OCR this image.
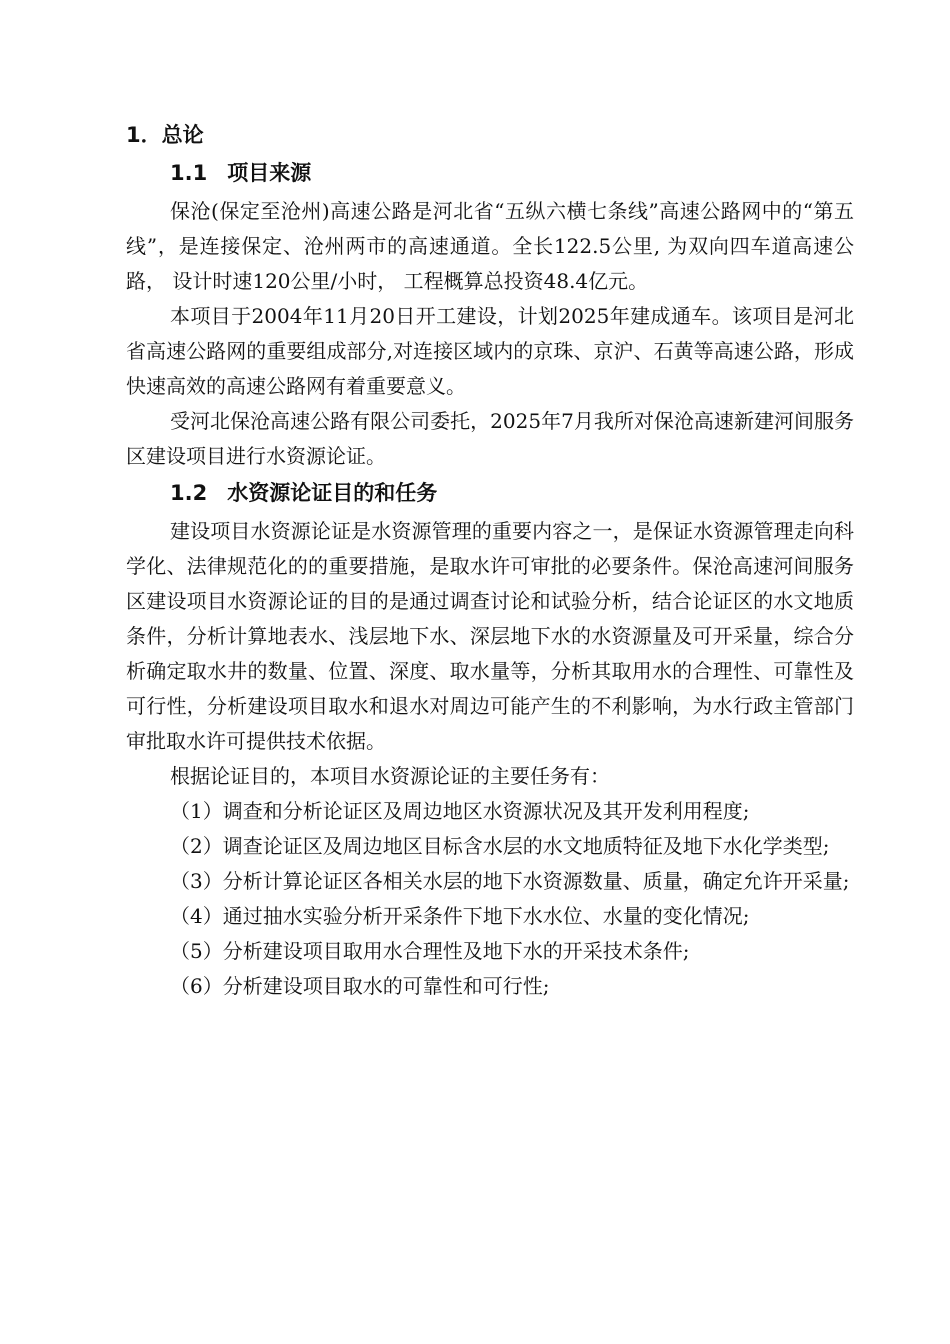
1．总论
1.1 项目来源

保沧(保定至沧州)高速公路是河北省“五纵六横七条线”高速公路网中的“第五线”，是连接保定、沧州两市的高速通道。全长122.5公里, 为双向四车道高速公路， 设计时速120公里/小时， 工程概算总投资48.4亿元。

本项目于2004年11月20日开工建设，计划2025年建成通车。该项目是河北省高速公路网的重要组成部分,对连接区域内的京珠、京沪、石黄等高速公路，形成快速高效的高速公路网有着重要意义。

受河北保沧高速公路有限公司委托，2025年7月我所对保沧高速新建河间服务区建设项目进行水资源论证。

1.2 水资源论证目的和任务

建设项目水资源论证是水资源管理的重要内容之一，是保证水资源管理走向科学化、法律规范化的的重要措施，是取水许可审批的必要条件。保沧高速河间服务区建设项目水资源论证的目的是通过调查讨论和试验分析，结合论证区的水文地质条件，分析计算地表水、浅层地下水、深层地下水的水资源量及可开采量，综合分析确定取水井的数量、位置、深度、取水量等，分析其取用水的合理性、可靠性及可行性，分析建设项目取水和退水对周边可能产生的不利影响，为水行政主管部门审批取水许可提供技术依据。

根据论证目的，本项目水资源论证的主要任务有：

（1）调查和分析论证区及周边地区水资源状况及其开发利用程度;

（2）调查论证区及周边地区目标含水层的水文地质特征及地下水化学类型;

（3）分析计算论证区各相关水层的地下水资源数量、质量，确定允许开采量;

（4）通过抽水实验分析开采条件下地下水水位、水量的变化情况;

（5）分析建设项目取用水合理性及地下水的开采技术条件;

（6）分析建设项目取水的可靠性和可行性;
